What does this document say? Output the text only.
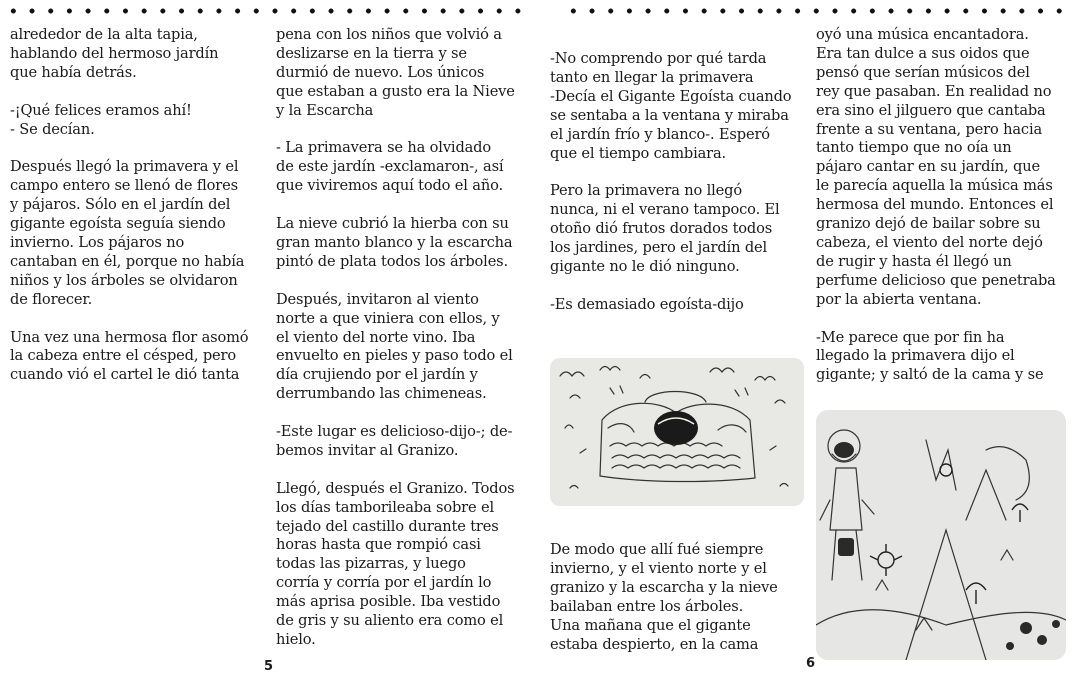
alrededor de la alta tapia,
hablando del hermoso jardín
que había detrás.

-¡Qué felices eramos ahí!
- Se decían.

Después llegó la primavera y el
campo entero se llenó de flores
y pájaros. Sólo en el jardín del
gigante egoísta seguía siendo
invierno. Los pájaros no
cantaban en él, porque no había
niños y los árboles se olvidaron
de florecer.

Una vez una hermosa flor asomó
la cabeza entre el césped, pero
cuando vió el cartel le dió tanta

pena con los niños que volvió a
deslizarse en la tierra y se
durmió de nuevo. Los únicos
que estaban a gusto era la Nieve
y la Escarcha

- La primavera se ha olvidado
de este jardín -exclamaron-, así
que viviremos aquí todo el año.

La nieve cubrió la hierba con su
gran manto blanco y la escarcha
pintó de plata todos los árboles.

Después, invitaron al viento
norte a que viniera con ellos, y
el viento del norte vino. Iba
envuelto en pieles y paso todo el
día crujiendo por el jardín y
derrumbando las chimeneas.

-Este lugar es delicioso-dijo-; de-
bemos invitar al Granizo.

Llegó, después el Granizo. Todos
los días tamborileaba sobre el
tejado del castillo durante tres
horas hasta que rompió casi
todas las pizarras, y luego
corría y corría por el jardín lo
más aprisa posible. Iba vestido
de gris y su aliento era como el
hielo.

5

-No comprendo por qué tarda
tanto en llegar la primavera
-Decía el Gigante Egoísta cuando
se sentaba a la ventana y miraba
el jardín frío y blanco-. Esperó
que el tiempo cambiara.

Pero la primavera no llegó
nunca, ni el verano tampoco. El
otoño dió frutos dorados todos
los jardines, pero el jardín del
gigante no le dió ninguno.

-Es demasiado egoísta-dijo

De modo que allí fué siempre
invierno, y el viento norte y el
granizo y la escarcha y la nieve
bailaban entre los árboles.
Una mañana que el gigante
estaba despierto, en la cama

oyó una música encantadora.
Era tan dulce a sus oidos que
pensó que serían músicos del
rey que pasaban. En realidad no
era sino el jilguero que cantaba
frente a su ventana, pero hacia
tanto tiempo que no oía un
pájaro cantar en su jardín, que
le parecía aquella la música más
hermosa del mundo. Entonces el
granizo dejó de bailar sobre su
cabeza, el viento del norte dejó
de rugir y hasta él llegó un
perfume delicioso que penetraba
por la abierta ventana.

-Me parece que por fin ha
llegado la primavera dijo el
gigante; y saltó de la cama y se

6
